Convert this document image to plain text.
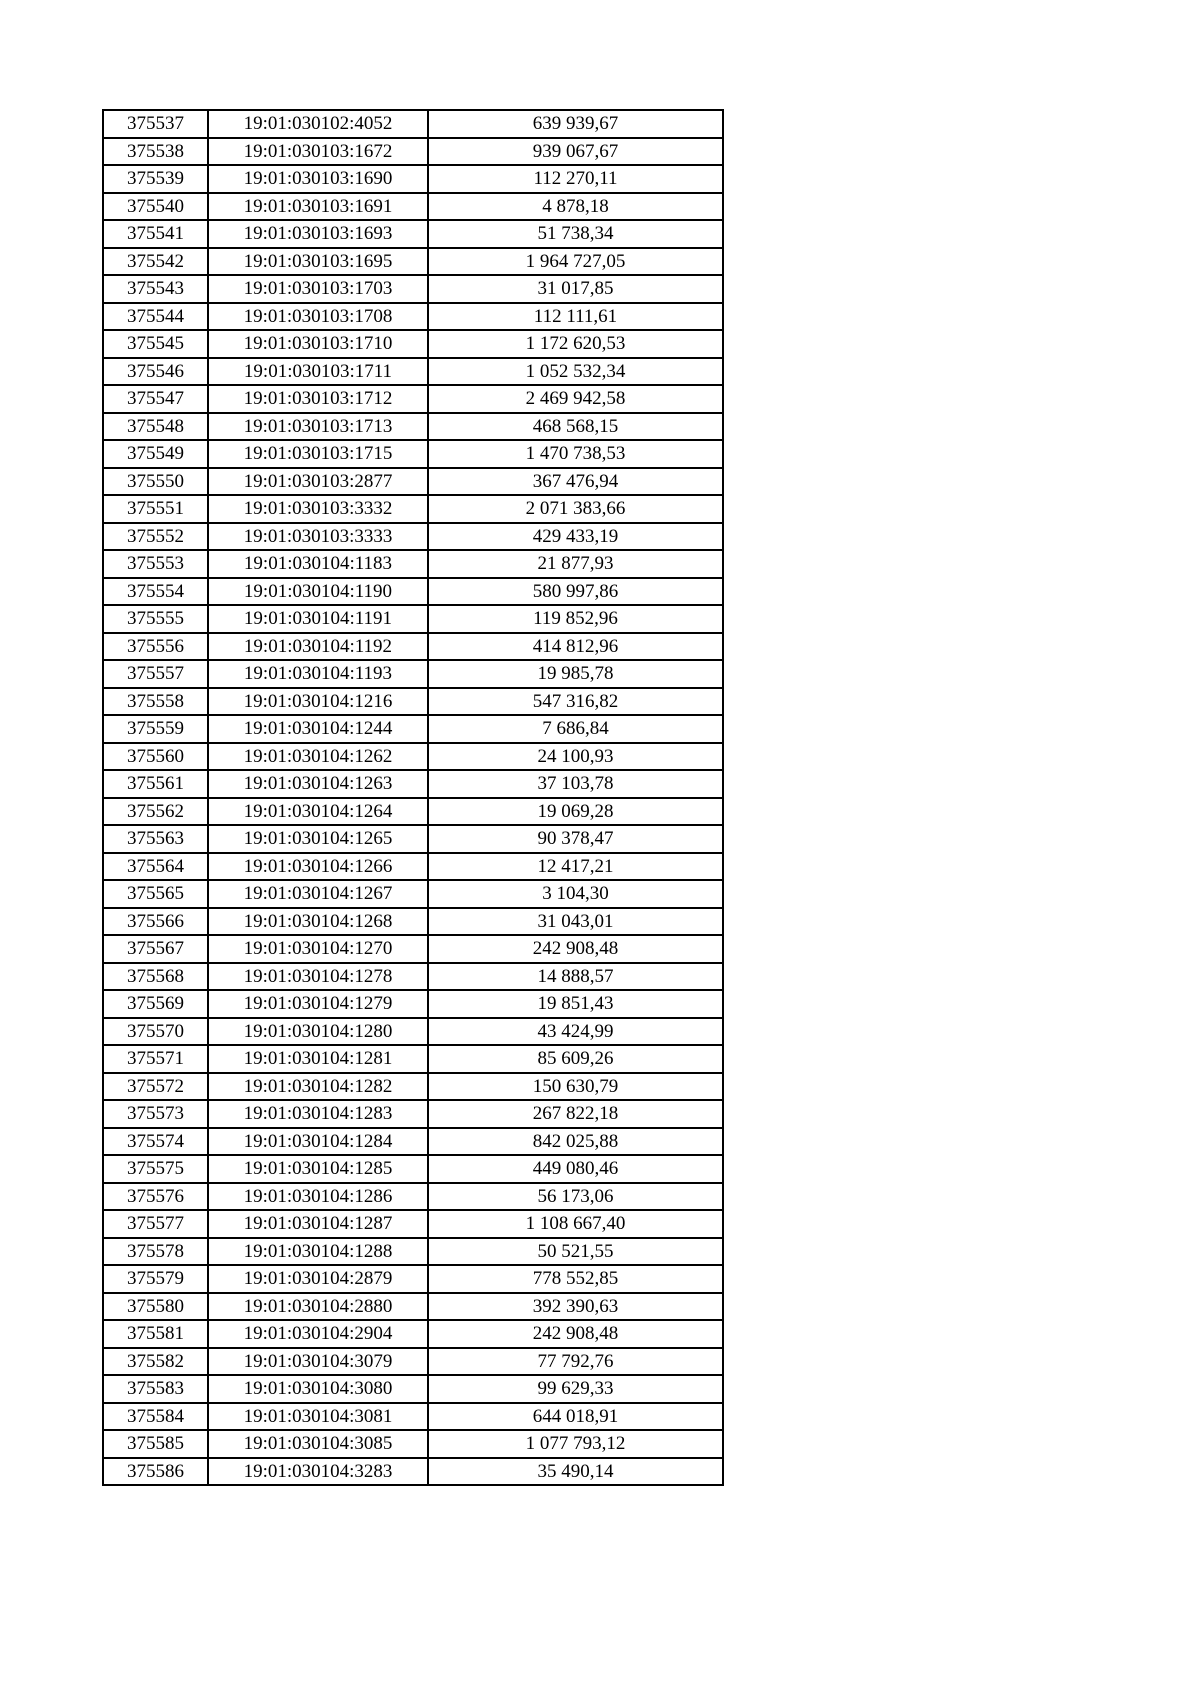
375537	19:01:030102:4052	639 939,67
375538	19:01:030103:1672	939 067,67
375539	19:01:030103:1690	112 270,11
375540	19:01:030103:1691	4 878,18
375541	19:01:030103:1693	51 738,34
375542	19:01:030103:1695	1 964 727,05
375543	19:01:030103:1703	31 017,85
375544	19:01:030103:1708	112 111,61
375545	19:01:030103:1710	1 172 620,53
375546	19:01:030103:1711	1 052 532,34
375547	19:01:030103:1712	2 469 942,58
375548	19:01:030103:1713	468 568,15
375549	19:01:030103:1715	1 470 738,53
375550	19:01:030103:2877	367 476,94
375551	19:01:030103:3332	2 071 383,66
375552	19:01:030103:3333	429 433,19
375553	19:01:030104:1183	21 877,93
375554	19:01:030104:1190	580 997,86
375555	19:01:030104:1191	119 852,96
375556	19:01:030104:1192	414 812,96
375557	19:01:030104:1193	19 985,78
375558	19:01:030104:1216	547 316,82
375559	19:01:030104:1244	7 686,84
375560	19:01:030104:1262	24 100,93
375561	19:01:030104:1263	37 103,78
375562	19:01:030104:1264	19 069,28
375563	19:01:030104:1265	90 378,47
375564	19:01:030104:1266	12 417,21
375565	19:01:030104:1267	3 104,30
375566	19:01:030104:1268	31 043,01
375567	19:01:030104:1270	242 908,48
375568	19:01:030104:1278	14 888,57
375569	19:01:030104:1279	19 851,43
375570	19:01:030104:1280	43 424,99
375571	19:01:030104:1281	85 609,26
375572	19:01:030104:1282	150 630,79
375573	19:01:030104:1283	267 822,18
375574	19:01:030104:1284	842 025,88
375575	19:01:030104:1285	449 080,46
375576	19:01:030104:1286	56 173,06
375577	19:01:030104:1287	1 108 667,40
375578	19:01:030104:1288	50 521,55
375579	19:01:030104:2879	778 552,85
375580	19:01:030104:2880	392 390,63
375581	19:01:030104:2904	242 908,48
375582	19:01:030104:3079	77 792,76
375583	19:01:030104:3080	99 629,33
375584	19:01:030104:3081	644 018,91
375585	19:01:030104:3085	1 077 793,12
375586	19:01:030104:3283	35 490,14
